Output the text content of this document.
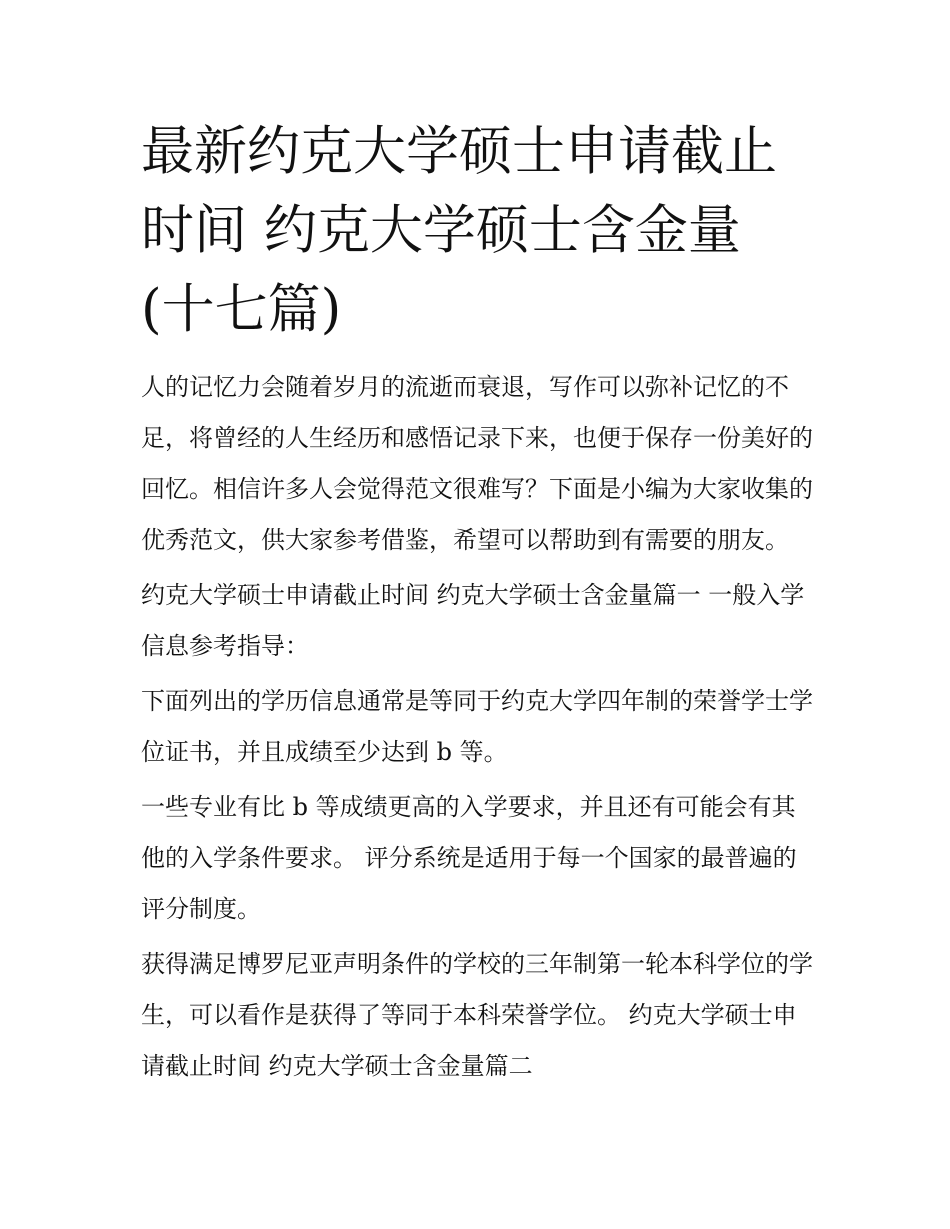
最新约克大学硕士申请截止时间 约克大学硕士含金量(十七篇)

人的记忆力会随着岁月的流逝而衰退，写作可以弥补记忆的不足，将曾经的人生经历和感悟记录下来，也便于保存一份美好的回忆。相信许多人会觉得范文很难写？下面是小编为大家收集的优秀范文，供大家参考借鉴，希望可以帮助到有需要的朋友。

约克大学硕士申请截止时间 约克大学硕士含金量篇一 一般入学信息参考指导：

下面列出的学历信息通常是等同于约克大学四年制的荣誉学士学位证书，并且成绩至少达到 b 等。

一些专业有比 b 等成绩更高的入学要求，并且还有可能会有其他的入学条件要求。 评分系统是适用于每一个国家的最普遍的评分制度。

获得满足博罗尼亚声明条件的学校的三年制第一轮本科学位的学生，可以看作是获得了等同于本科荣誉学位。 约克大学硕士申请截止时间 约克大学硕士含金量篇二
